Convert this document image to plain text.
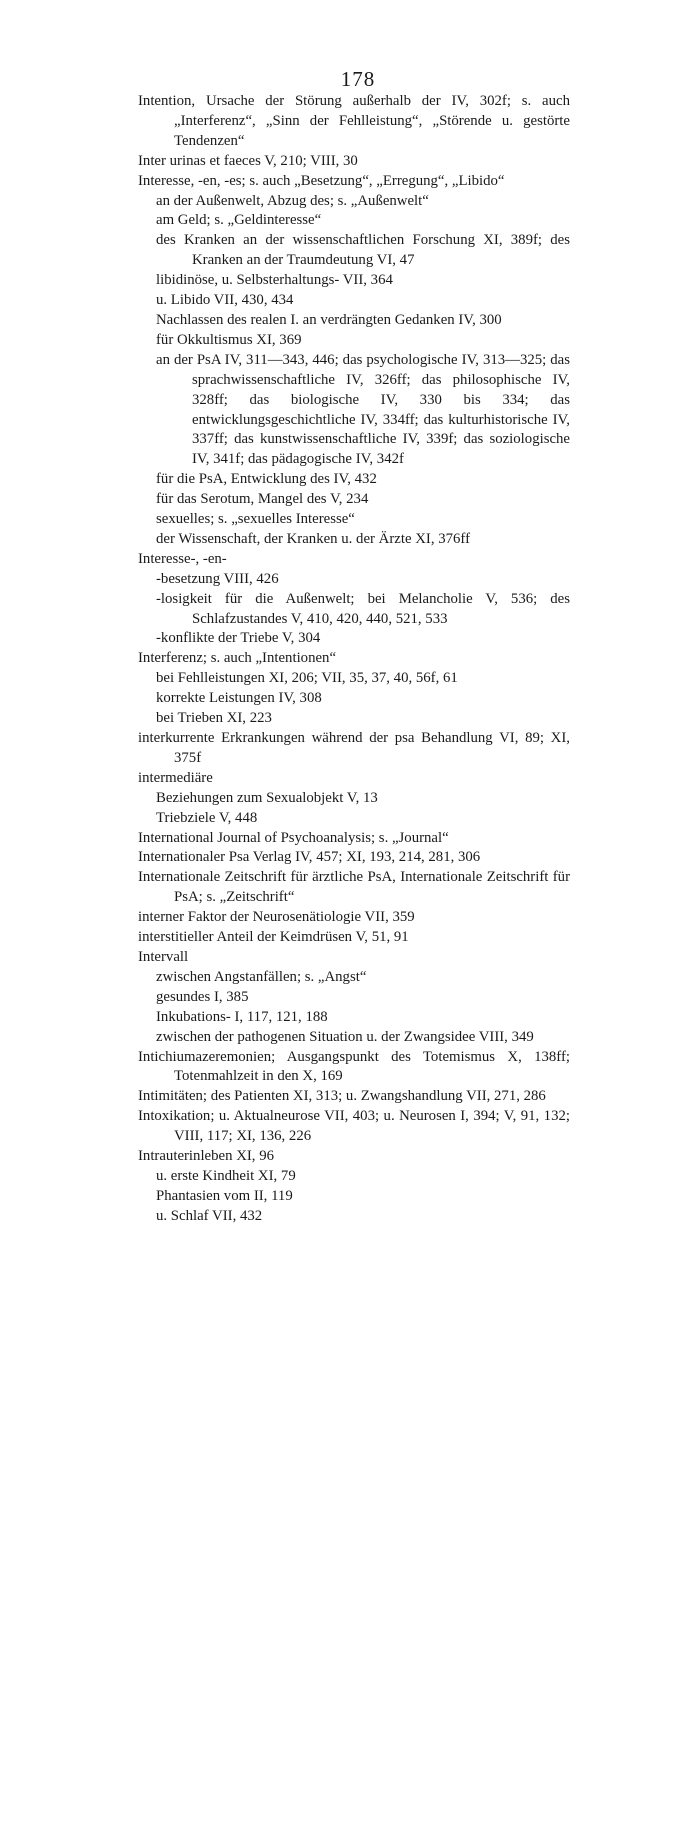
178

Intention, Ursache der Störung außerhalb der IV, 302f; s. auch „Interferenz“, „Sinn der Fehlleistung“, „Störende u. gestörte Tendenzen“

Inter urinas et faeces V, 210; VIII, 30

Interesse, -en, -es; s. auch „Besetzung“, „Erregung“, „Libido“

an der Außenwelt, Abzug des; s. „Außenwelt“

am Geld; s. „Geldinteresse“

des Kranken an der wissenschaftlichen Forschung XI, 389f; des Kranken an der Traumdeutung VI, 47

libidinöse, u. Selbsterhaltungs- VII, 364

u. Libido VII, 430, 434

Nachlassen des realen I. an verdrängten Gedanken IV, 300

für Okkultismus XI, 369

an der PsA IV, 311—343, 446; das psychologische IV, 313—325; das sprachwissenschaftliche IV, 326ff; das philosophische IV, 328ff; das biologische IV, 330 bis 334; das entwicklungsgeschichtliche IV, 334ff; das kulturhistorische IV, 337ff; das kunstwissenschaftliche IV, 339f; das soziologische IV, 341f; das pädagogische IV, 342f

für die PsA, Entwicklung des IV, 432

für das Serotum, Mangel des V, 234

sexuelles; s. „sexuelles Interesse“

der Wissenschaft, der Kranken u. der Ärzte XI, 376ff

Interesse-, -en-

-besetzung VIII, 426

-losigkeit für die Außenwelt; bei Melancholie V, 536; des Schlafzustandes V, 410, 420, 440, 521, 533

-konflikte der Triebe V, 304

Interferenz; s. auch „Intentionen“

bei Fehlleistungen XI, 206; VII, 35, 37, 40, 56f, 61

korrekte Leistungen IV, 308

bei Trieben XI, 223

interkurrente Erkrankungen während der psa Behandlung VI, 89; XI, 375f

intermediäre

Beziehungen zum Sexualobjekt V, 13

Triebziele V, 448

International Journal of Psychoanalysis; s. „Journal“

Internationaler Psa Verlag IV, 457; XI, 193, 214, 281, 306

Internationale Zeitschrift für ärztliche PsA, Internationale Zeitschrift für PsA; s. „Zeitschrift“

interner Faktor der Neurosenätiologie VII, 359

interstitieller Anteil der Keimdrüsen V, 51, 91

Intervall

zwischen Angstanfällen; s. „Angst“

gesundes I, 385

Inkubations- I, 117, 121, 188

zwischen der pathogenen Situation u. der Zwangsidee VIII, 349

Intichiumazeremonien; Ausgangspunkt des Totemismus X, 138ff; Totenmahlzeit in den X, 169

Intimitäten; des Patienten XI, 313; u. Zwangshandlung VII, 271, 286

Intoxikation; u. Aktualneurose VII, 403; u. Neurosen I, 394; V, 91, 132; VIII, 117; XI, 136, 226

Intrauterinleben XI, 96

u. erste Kindheit XI, 79

Phantasien vom II, 119

u. Schlaf VII, 432
